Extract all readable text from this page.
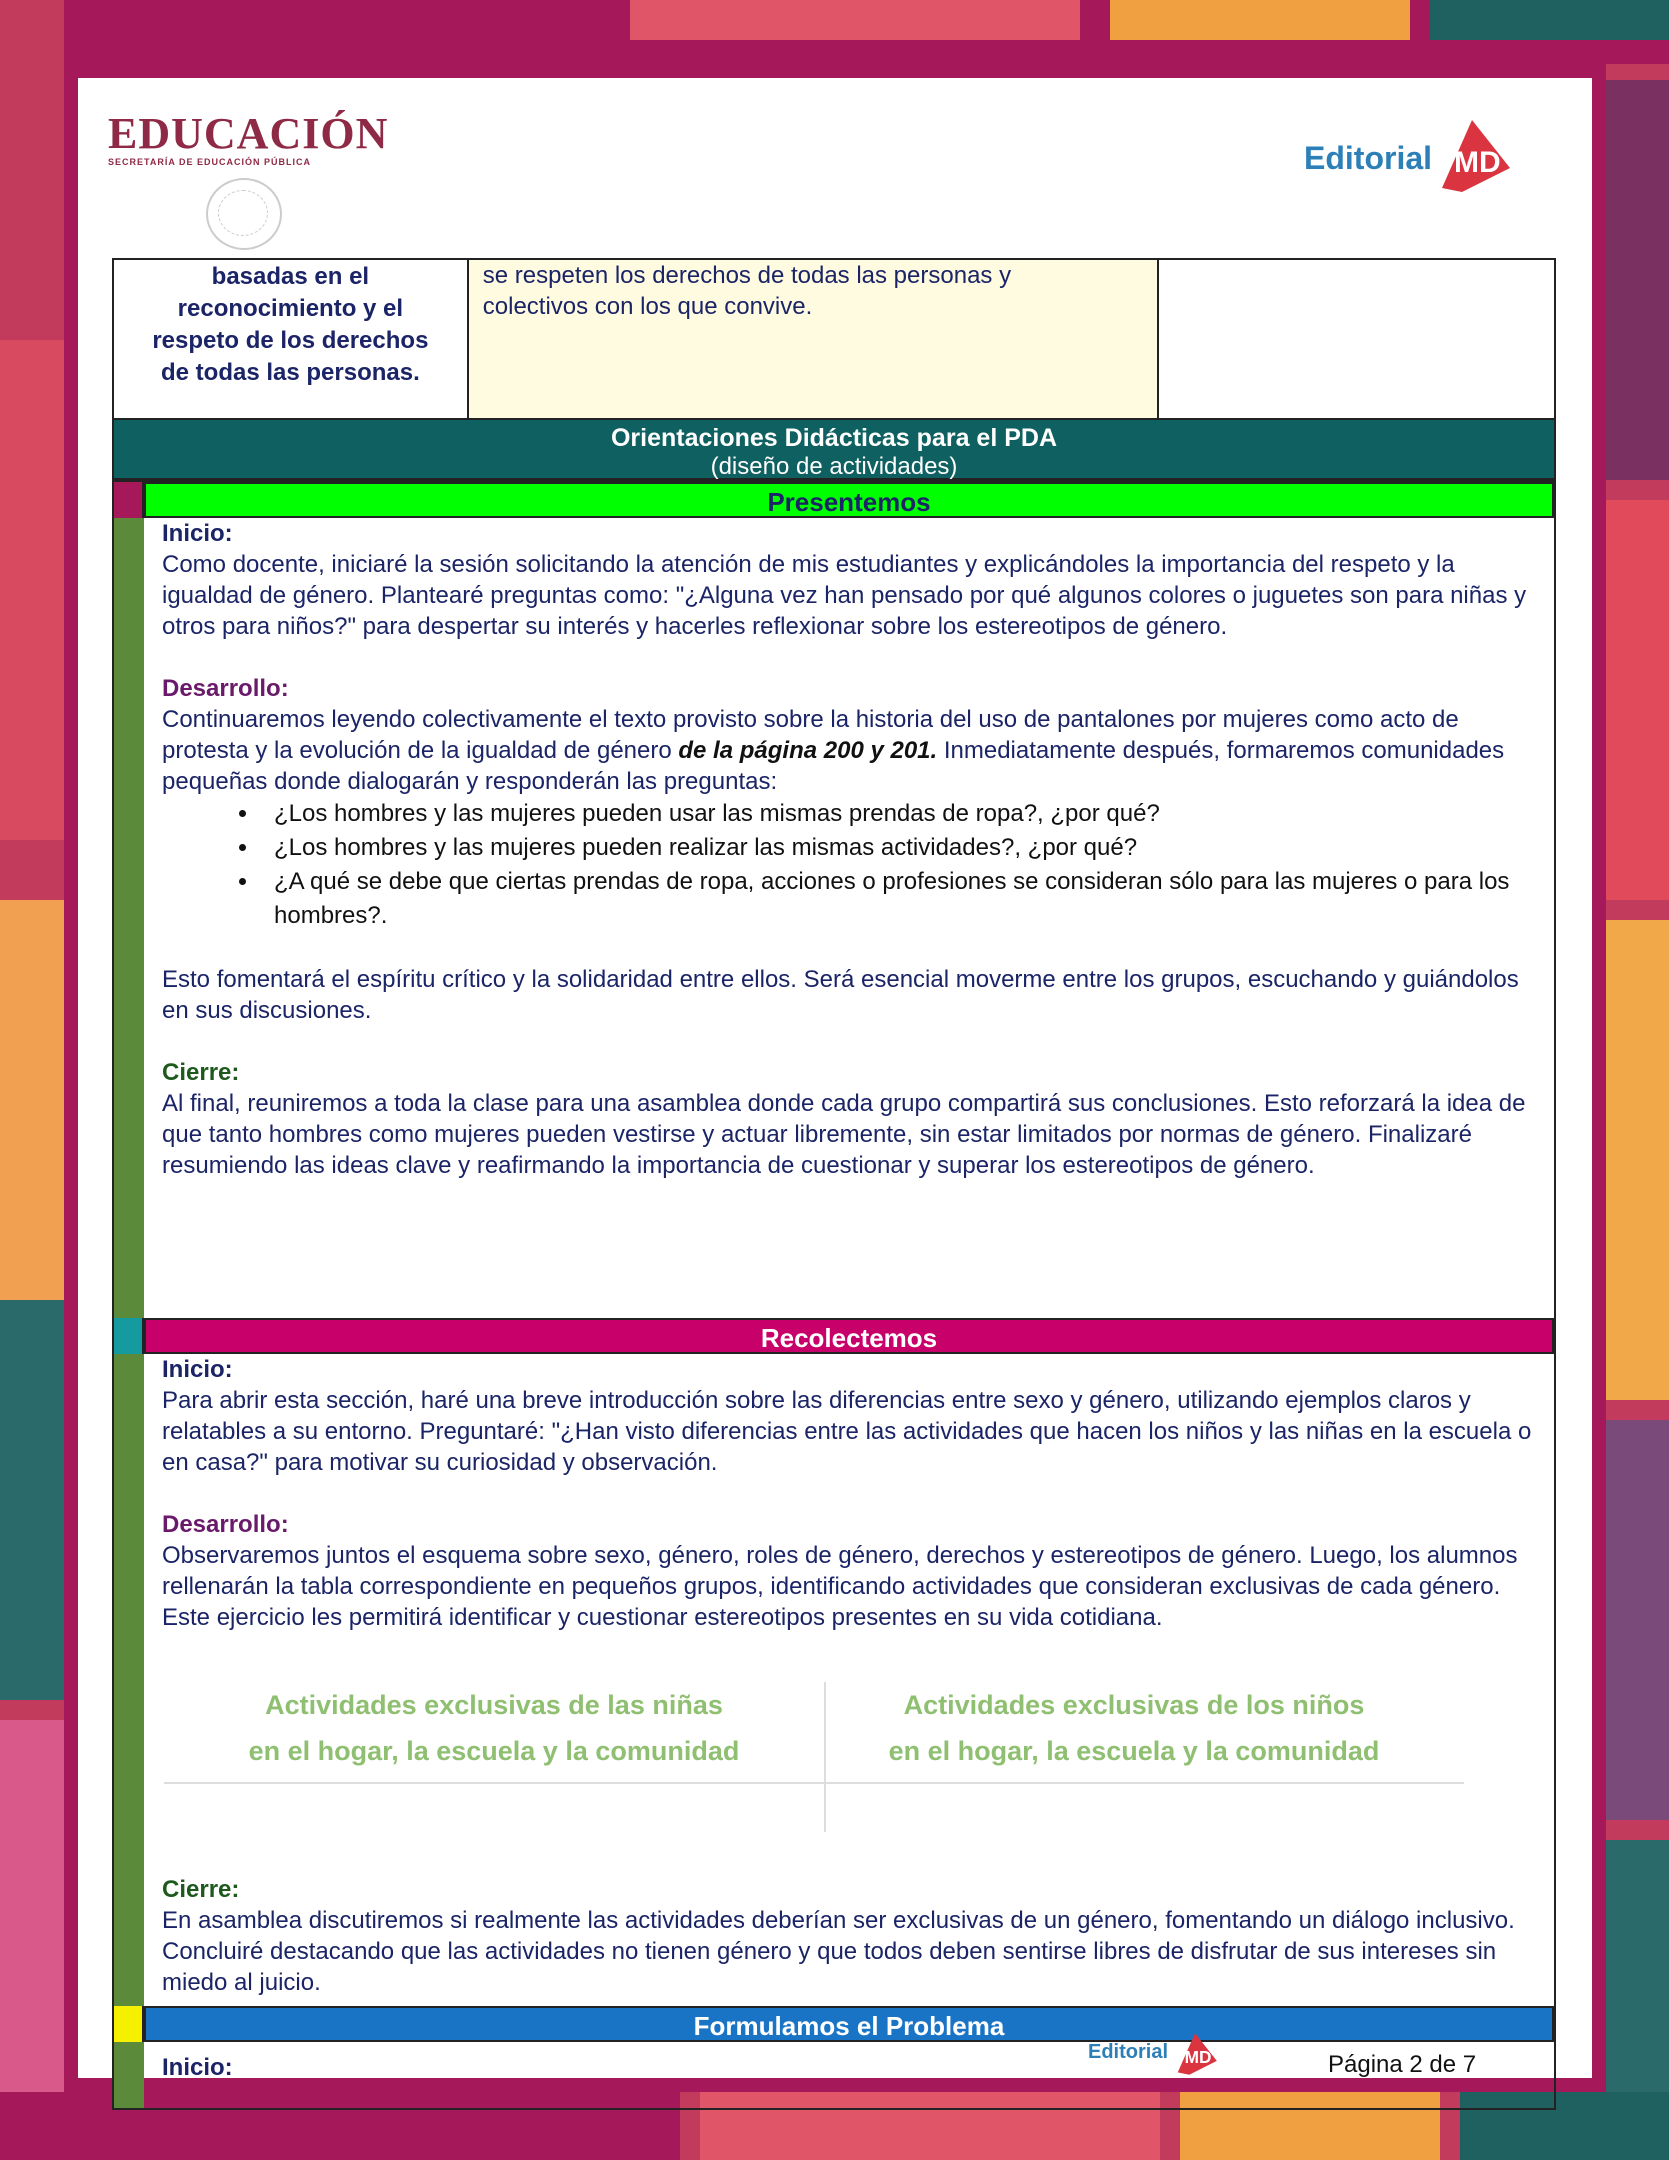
EDUCACIÓN
SECRETARÍA DE EDUCACIÓN PÚBLICA	Editorial MD
basadas en el
reconocimiento y el
respeto de los derechos
de todas las personas.

se respeten los derechos de todas las personas y
colectivos con los que convive.

Orientaciones Didácticas para el PDA
(diseño de actividades)
Presentemos
Inicio:
Como docente, iniciaré la sesión solicitando la atención de mis estudiantes y explicándoles la importancia del respeto y la igualdad de género. Plantearé preguntas como: "¿Alguna vez han pensado por qué algunos colores o juguetes son para niñas y otros para niños?" para despertar su interés y hacerles reflexionar sobre los estereotipos de género.
Desarrollo:
Continuaremos leyendo colectivamente el texto provisto sobre la historia del uso de pantalones por mujeres como acto de protesta y la evolución de la igualdad de género de la página 200 y 201. Inmediatamente después, formaremos comunidades pequeñas donde dialogarán y responderán las preguntas:
• ¿Los hombres y las mujeres pueden usar las mismas prendas de ropa?, ¿por qué?
• ¿Los hombres y las mujeres pueden realizar las mismas actividades?, ¿por qué?
• ¿A qué se debe que ciertas prendas de ropa, acciones o profesiones se consideran sólo para las mujeres o para los hombres?.
Esto fomentará el espíritu crítico y la solidaridad entre ellos. Será esencial moverme entre los grupos, escuchando y guiándolos en sus discusiones.
Cierre:
Al final, reuniremos a toda la clase para una asamblea donde cada grupo compartirá sus conclusiones. Esto reforzará la idea de que tanto hombres como mujeres pueden vestirse y actuar libremente, sin estar limitados por normas de género. Finalizaré resumiendo las ideas clave y reafirmando la importancia de cuestionar y superar los estereotipos de género.
Recolectemos
Inicio:
Para abrir esta sección, haré una breve introducción sobre las diferencias entre sexo y género, utilizando ejemplos claros y relatables a su entorno. Preguntaré: "¿Han visto diferencias entre las actividades que hacen los niños y las niñas en la escuela o en casa?" para motivar su curiosidad y observación.
Desarrollo:
Observaremos juntos el esquema sobre sexo, género, roles de género, derechos y estereotipos de género. Luego, los alumnos rellenarán la tabla correspondiente en pequeños grupos, identificando actividades que consideran exclusivas de cada género. Este ejercicio les permitirá identificar y cuestionar estereotipos presentes en su vida cotidiana.
Actividades exclusivas de las niñas
en el hogar, la escuela y la comunidad
Actividades exclusivas de los niños
en el hogar, la escuela y la comunidad
Cierre:
En asamblea discutiremos si realmente las actividades deberían ser exclusivas de un género, fomentando un diálogo inclusivo. Concluiré destacando que las actividades no tienen género y que todos deben sentirse libres de disfrutar de sus intereses sin miedo al juicio.
Formulamos el Problema
Inicio:
Editorial MD	Página 2 de 7
